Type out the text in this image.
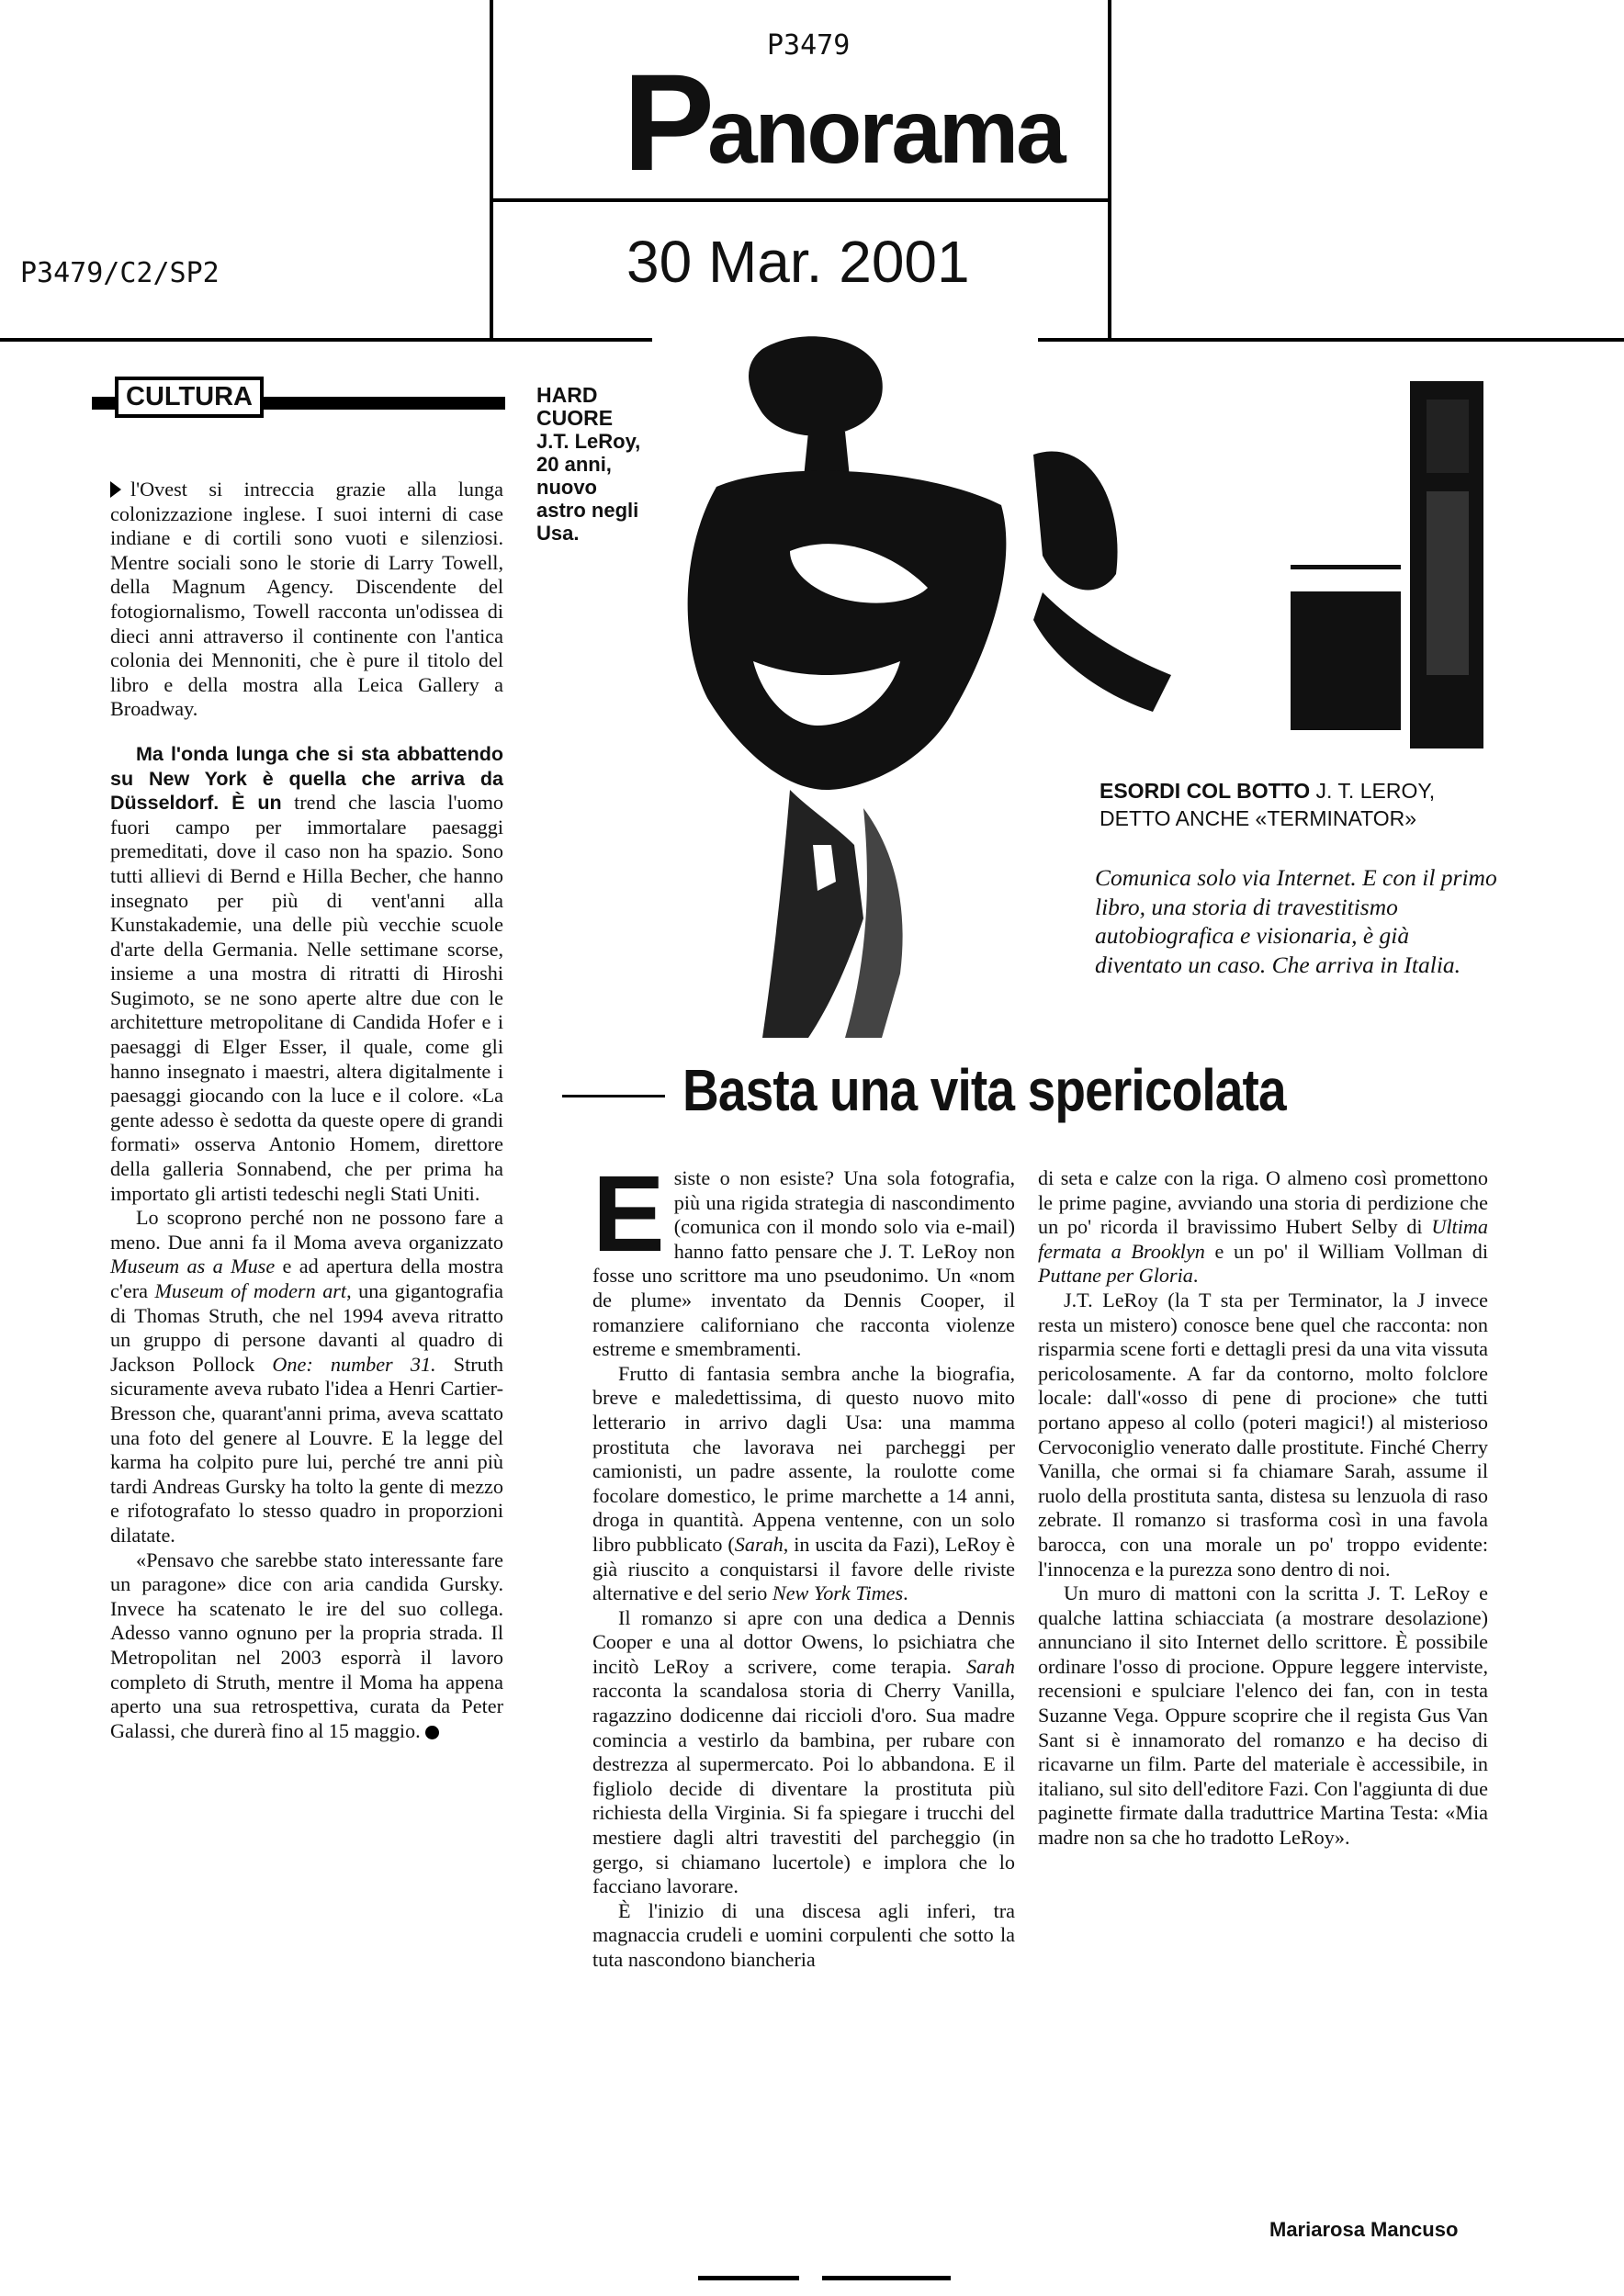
P3479
Panorama
30 Mar. 2001
P3479/C2/SP2
CULTURA

l'Ovest si intreccia grazie alla lunga colonizzazione inglese. I suoi interni di case indiane e di cortili sono vuoti e silenziosi. Mentre sociali sono le storie di Larry Towell, della Magnum Agency. Discendente del fotogiornalismo, Towell racconta un'odissea di dieci anni attraverso il continente con l'antica colonia dei Mennoniti, che è pure il titolo del libro e della mostra alla Leica Gallery a Broadway.

Ma l'onda lunga che si sta abbattendo su New York è quella che arriva da Düsseldorf. È un trend che lascia l'uomo fuori campo per immortalare paesaggi premeditati, dove il caso non ha spazio. Sono tutti allievi di Bernd e Hilla Becher, che hanno insegnato per più di vent'anni alla Kunstakademie, una delle più vecchie scuole d'arte della Germania. Nelle settimane scorse, insieme a una mostra di ritratti di Hiroshi Sugimoto, se ne sono aperte altre due con le architetture metropolitane di Candida Hofer e i paesaggi di Elger Esser, il quale, come gli hanno insegnato i maestri, altera digitalmente i paesaggi giocando con la luce e il colore. «La gente adesso è sedotta da queste opere di grandi formati» osserva Antonio Homem, direttore della galleria Sonnabend, che per prima ha importato gli artisti tedeschi negli Stati Uniti.

Lo scoprono perché non ne possono fare a meno. Due anni fa il Moma aveva organizzato Museum as a Muse e ad apertura della mostra c'era Museum of modern art, una gigantografia di Thomas Struth, che nel 1994 aveva ritratto un gruppo di persone davanti al quadro di Jackson Pollock One: number 31. Struth sicuramente aveva rubato l'idea a Henri Cartier-Bresson che, quarant'anni prima, aveva scattato una foto del genere al Louvre. E la legge del karma ha colpito pure lui, perché tre anni più tardi Andreas Gursky ha tolto la gente di mezzo e rifotografato lo stesso quadro in proporzioni dilatate.

«Pensavo che sarebbe stato interessante fare un paragone» dice con aria candida Gursky. Invece ha scatenato le ire del suo collega. Adesso vanno ognuno per la propria strada. Il Metropolitan nel 2003 esporrà il lavoro completo di Struth, mentre il Moma ha appena aperto una sua retrospettiva, curata da Peter Galassi, che durerà fino al 15 maggio.

HARD
CUORE
J.T. LeRoy, 20 anni, nuovo astro negli Usa.
ESORDI COL BOTTO J. T. LEROY, DETTO ANCHE «TERMINATOR»
Comunica solo via Internet. E con il primo libro, una storia di travestitismo autobiografica e visionaria, è già diventato un caso. Che arriva in Italia.
Basta una vita spericolata

Esiste o non esiste? Una sola fotografia, più una rigida strategia di nascondimento (comunica con il mondo solo via e-mail) hanno fatto pensare che J. T. LeRoy non fosse uno scrittore ma uno pseudonimo. Un «nom de plume» inventato da Dennis Cooper, il romanziere californiano che racconta violenze estreme e smembramenti.

Frutto di fantasia sembra anche la biografia, breve e maledettissima, di questo nuovo mito letterario in arrivo dagli Usa: una mamma prostituta che lavorava nei parcheggi per camionisti, un padre assente, la roulotte come focolare domestico, le prime marchette a 14 anni, droga in quantità. Appena ventenne, con un solo libro pubblicato (Sarah, in uscita da Fazi), LeRoy è già riuscito a conquistarsi il favore delle riviste alternative e del serio New York Times.

Il romanzo si apre con una dedica a Dennis Cooper e una al dottor Owens, lo psichiatra che incitò LeRoy a scrivere, come terapia. Sarah racconta la scandalosa storia di Cherry Vanilla, ragazzino dodicenne dai riccioli d'oro. Sua madre comincia a vestirlo da bambina, per rubare con destrezza al supermercato. Poi lo abbandona. E il figliolo decide di diventare la prostituta più richiesta della Virginia. Si fa spiegare i trucchi del mestiere dagli altri travestiti del parcheggio (in gergo, si chiamano lucertole) e implora che lo facciano lavorare.

È l'inizio di una discesa agli inferi, tra magnaccia crudeli e uomini corpulenti che sotto la tuta nascondono biancheria

di seta e calze con la riga. O almeno così promettono le prime pagine, avviando una storia di perdizione che un po' ricorda il bravissimo Hubert Selby di Ultima fermata a Brooklyn e un po' il William Vollman di Puttane per Gloria.

J.T. LeRoy (la T sta per Terminator, la J invece resta un mistero) conosce bene quel che racconta: non risparmia scene forti e dettagli presi da una vita vissuta pericolosamente. A far da contorno, molto folclore locale: dall'«osso di pene di procione» che tutti portano appeso al collo (poteri magici!) al misterioso Cervoconiglio venerato dalle prostitute. Finché Cherry Vanilla, che ormai si fa chiamare Sarah, assume il ruolo della prostituta santa, distesa su lenzuola di raso zebrate. Il romanzo si trasforma così in una favola barocca, con una morale un po' troppo evidente: l'innocenza e la purezza sono dentro di noi.

Un muro di mattoni con la scritta J. T. LeRoy e qualche lattina schiacciata (a mostrare desolazione) annunciano il sito Internet dello scrittore. È possibile ordinare l'osso di procione. Oppure leggere interviste, recensioni e spulciare l'elenco dei fan, con in testa Suzanne Vega. Oppure scoprire che il regista Gus Van Sant si è innamorato del romanzo e ha deciso di ricavarne un film. Parte del materiale è accessibile, in italiano, sul sito dell'editore Fazi. Con l'aggiunta di due paginette firmate dalla traduttrice Martina Testa: «Mia madre non sa che ho tradotto LeRoy».

Mariarosa Mancuso
